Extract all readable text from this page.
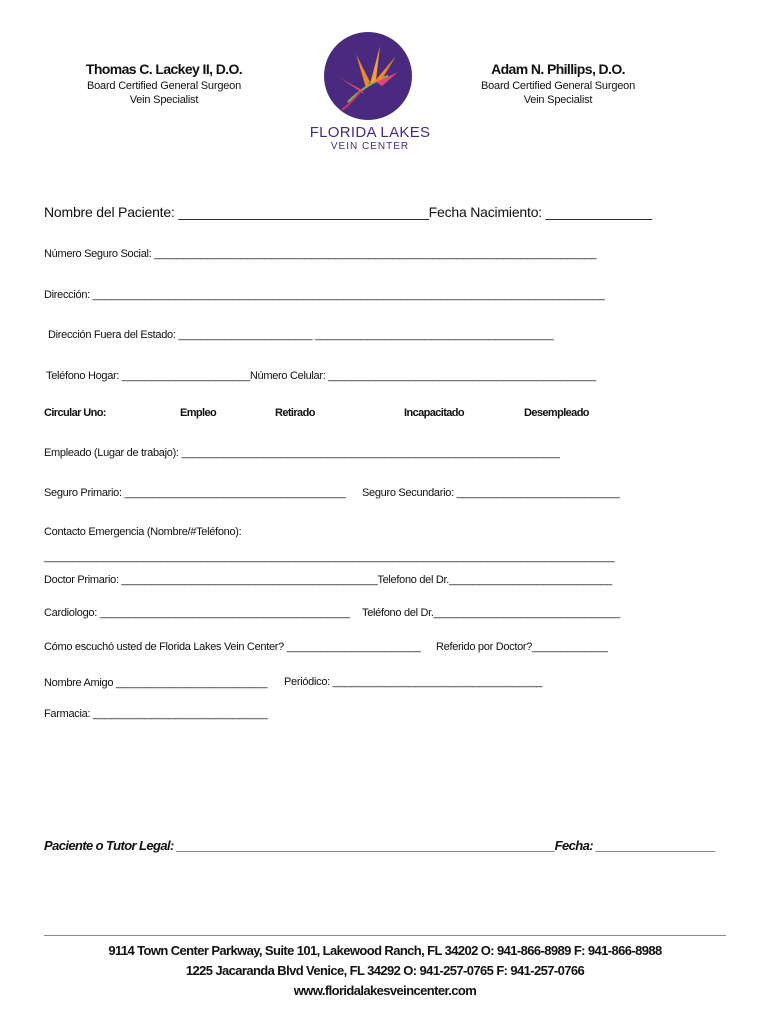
Thomas C. Lackey II, D.O.
Board Certified General Surgeon
Vein Specialist
Adam N. Phillips, D.O.
Board Certified General Surgeon
Vein Specialist
FLORIDA LAKES
VEIN CENTER
Nombre del Paciente: _________________________________Fecha Nacimiento: ______________
Número Seguro Social: ____________________________________________________________________________
Dirección: ________________________________________________________________________________________
Dirección Fuera del Estado: _______________________ _________________________________________
Teléfono Hogar: ______________________Número Celular: ______________________________________________
Circular Uno:	Empleo	Retirado	Incapacitado	Desempleado
Empleado (Lugar de trabajo): _________________________________________________________________
Seguro Primario: ______________________________________ Seguro Secundario: ____________________________
Contacto Emergencia (Nombre/#Teléfono):
__________________________________________________________________________________________________
Doctor Primario: ____________________________________________Telefono del Dr.____________________________
Cardiologo: ___________________________________________ Teléfono del Dr.________________________________
Cómo escuchó usted de Florida Lakes Vein Center? _______________________ Referido por Doctor?_____________
Nombre Amigo __________________________ Periódico: ____________________________________
Farmacia: ______________________________
Paciente o Tutor Legal: _________________________________________________________Fecha: __________________
9114 Town Center Parkway, Suite 101, Lakewood Ranch, FL 34202 O: 941-866-8989 F: 941-866-8988
1225 Jacaranda Blvd Venice, FL 34292 O: 941-257-0765 F: 941-257-0766
www.floridalakesveincenter.com
